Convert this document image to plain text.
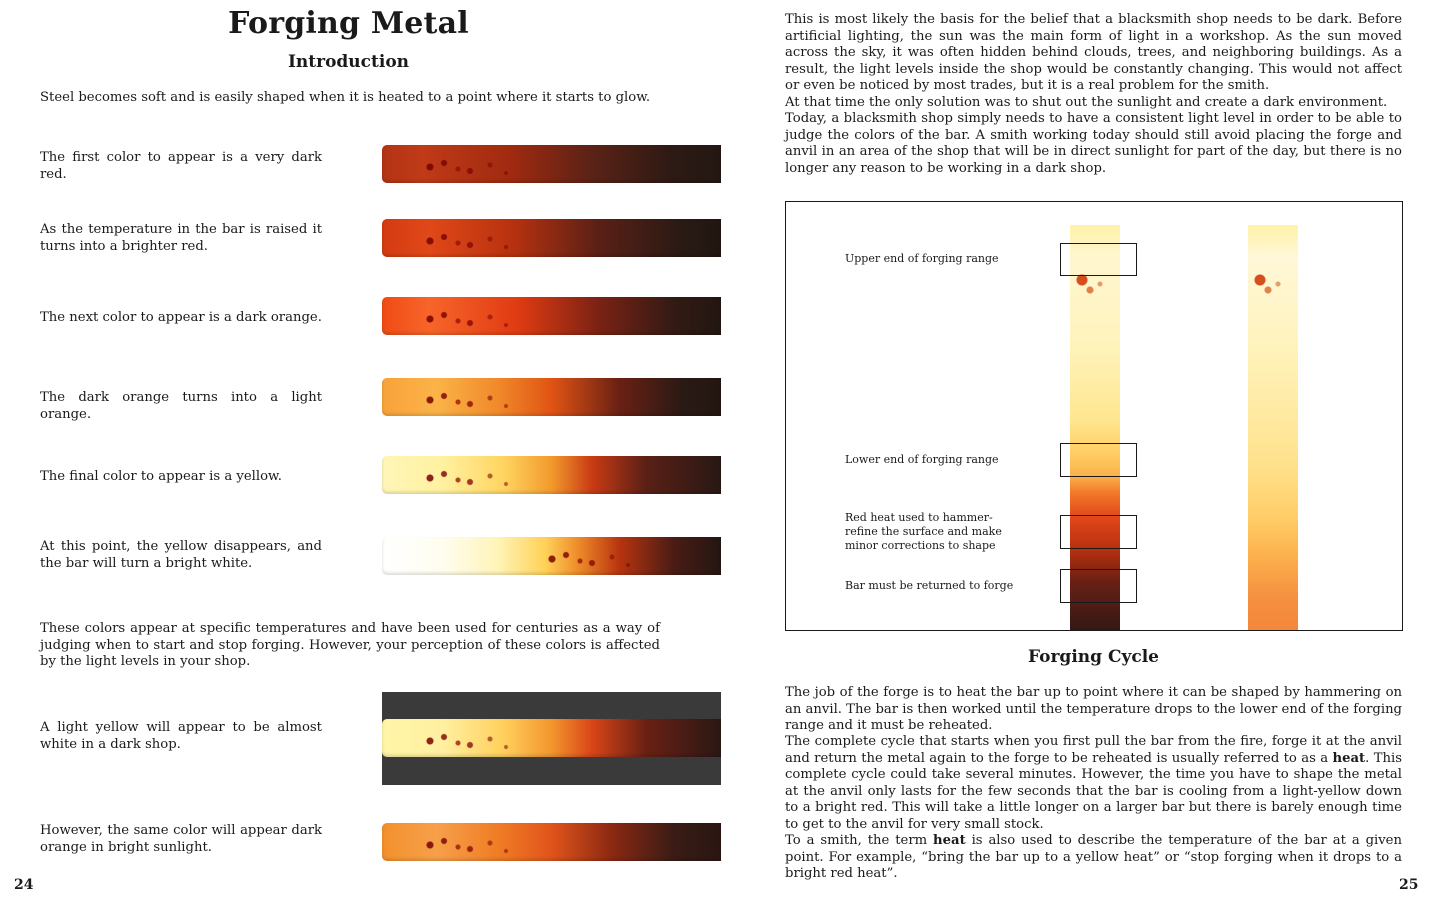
Forging Metal
Introduction
Steel becomes soft and is easily shaped when it is heated to a point where it starts to glow.
The first color to appear is a very dark red.
As the temperature in the bar is raised it turns into a brighter red.
The next color to appear is a dark orange.
The dark orange turns into a light orange.
The final color to appear is a yellow.
At this point, the yellow disappears, and the bar will turn a bright white.
These colors appear at specific temperatures and have been used for centuries as a way of judging when to start and stop forging. However, your perception of these colors is affected by the light levels in your shop.
A light yellow will appear to be almost white in a dark shop.
However, the same color will appear dark orange in bright sunlight.
24
This is most likely the basis for the belief that a blacksmith shop needs to be dark. Before artificial lighting, the sun was the main form of light in a workshop. As the sun moved across the sky, it was often hidden behind clouds, trees, and neighboring buildings. As a result, the light levels inside the shop would be constantly changing. This would not affect or even be noticed by most trades, but it is a real problem for the smith.
At that time the only solution was to shut out the sunlight and create a dark environment.
Today, a blacksmith shop simply needs to have a consistent light level in order to be able to judge the colors of the bar. A smith working today should still avoid placing the forge and anvil in an area of the shop that will be in direct sunlight for part of the day, but there is no longer any reason to be working in a dark shop.
Upper end of forging range
Lower end of forging range
Red heat used to hammer-refine the surface and make minor corrections to shape
Bar must be returned to forge
Forging Cycle
The job of the forge is to heat the bar up to point where it can be shaped by hammering on an anvil. The bar is then worked until the temperature drops to the lower end of the forging range and it must be reheated.
The complete cycle that starts when you first pull the bar from the fire, forge it at the anvil and return the metal again to the forge to be reheated is usually referred to as a heat. This complete cycle could take several minutes. However, the time you have to shape the metal at the anvil only lasts for the few seconds that the bar is cooling from a light-yellow down to a bright red. This will take a little longer on a larger bar but there is barely enough time to get to the anvil for very small stock.
To a smith, the term heat is also used to describe the temperature of the bar at a given point. For example, “bring the bar up to a yellow heat” or “stop forging when it drops to a bright red heat”.
25
